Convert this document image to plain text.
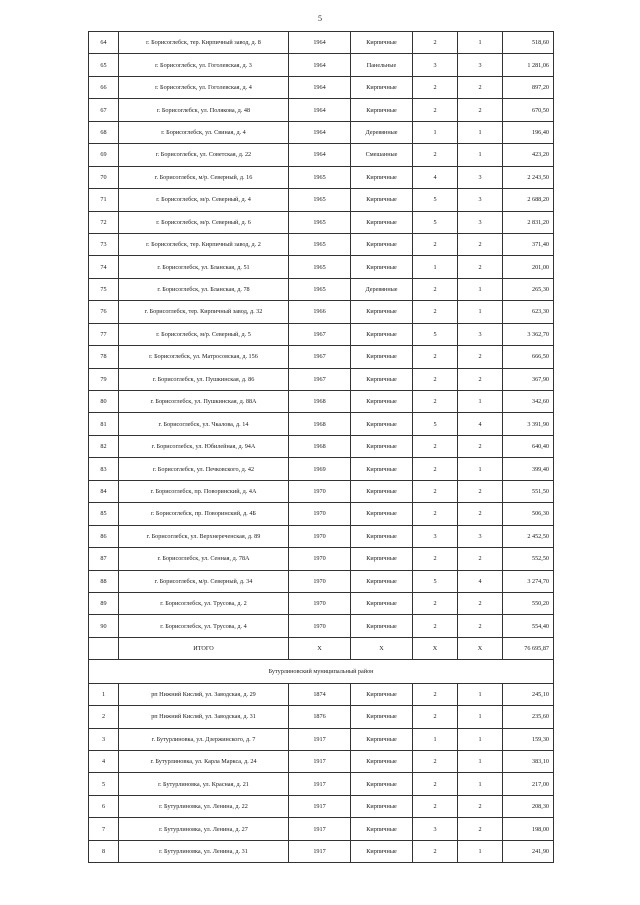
5
64	г. Борисоглебск, тер. Кирпичный завод, д. 8	1964	Кирпичные	2	1	518,60
65	г. Борисоглебск, ул. Гоголевская, д. 3	1964	Панельные	3	3	1 281,06
66	г. Борисоглебск, ул. Гоголевская, д. 4	1964	Кирпичные	2	2	897,20
67	г. Борисоглебск, ул. Полякова, д. 48	1964	Кирпичные	2	2	670,50
68	г. Борисоглебск, ул. Свиная, д. 4	1964	Деревянные	1	1	196,40
69	г. Борисоглебск, ул. Советская, д. 22	1964	Смешанные	2	1	423,20
70	г. Борисоглебск, м/р. Северный, д. 16	1965	Кирпичные	4	3	2 243,50
71	г. Борисоглебск, м/р. Северный, д. 4	1965	Кирпичные	5	3	2 688,20
72	г. Борисоглебск, м/р. Северный, д. 6	1965	Кирпичные	5	3	2 831,20
73	г. Борисоглебск, тер. Кирпичный завод, д. 2	1965	Кирпичные	2	2	371,40
74	г. Борисоглебск, ул. Бланская, д. 51	1965	Кирпичные	1	2	201,00
75	г. Борисоглебск, ул. Бланская, д. 78	1965	Деревянные	2	1	265,30
76	г. Борисоглебск, тер. Кирпичный завод, д. 32	1966	Кирпичные	2	1	623,30
77	г. Борисоглебск, м/р. Северный, д. 5	1967	Кирпичные	5	3	3 362,70
78	г. Борисоглебск, ул. Матросовская, д. 156	1967	Кирпичные	2	2	666,50
79	г. Борисоглебск, ул. Пушкинская, д. 86	1967	Кирпичные	2	2	367,90
80	г. Борисоглебск, ул. Пушкинская, д. 88А	1968	Кирпичные	2	1	342,60
81	г. Борисоглебск, ул. Чкалова, д. 14	1968	Кирпичные	5	4	3 391,90
82	г. Борисоглебск, ул. Юбилейная, д. 94А	1968	Кирпичные	2	2	640,40
83	г. Борисоглебск, ул. Печковского, д. 42	1969	Кирпичные	2	1	399,40
84	г. Борисоглебск, пр. Поворинский, д. 4А	1970	Кирпичные	2	2	551,50
85	г. Борисоглебск, пр. Поворинский, д. 4Б	1970	Кирпичные	2	2	506,30
86	г. Борисоглебск, ул. Верхнереченская, д. 89	1970	Кирпичные	3	3	2 452,50
87	г. Борисоглебск, ул. Сенная, д. 78А	1970	Кирпичные	2	2	552,50
88	г. Борисоглебск, м/р. Северный, д. 34	1970	Кирпичные	5	4	3 274,70
89	г. Борисоглебск, ул. Трусова, д. 2	1970	Кирпичные	2	2	550,20
90	г. Борисоглебск, ул. Трусова, д. 4	1970	Кирпичные	2	2	554,40
	ИТОГО	X	X	X	X	76 695,87
Бутурлиновский муниципальный район						
1	рп Нижний Кисляй, ул. Заводская, д. 29	1874	Кирпичные	2	1	245,10
2	рп Нижний Кисляй, ул. Заводская, д. 31	1876	Кирпичные	2	1	235,60
3	г. Бутурлиновка, ул. Дзержинского, д. 7	1917	Кирпичные	1	1	159,30
4	г. Бутурлиновка, ул. Карла Маркса, д. 24	1917	Кирпичные	2	1	383,10
5	г. Бутурлиновка, ул. Красная, д. 21	1917	Кирпичные	2	1	217,00
6	г. Бутурлиновка, ул. Ленина, д. 22	1917	Кирпичные	2	2	208,30
7	г. Бутурлиновка, ул. Ленина, д. 27	1917	Кирпичные	3	2	198,00
8	г. Бутурлиновка, ул. Ленина, д. 31	1917	Кирпичные	2	1	241,90
